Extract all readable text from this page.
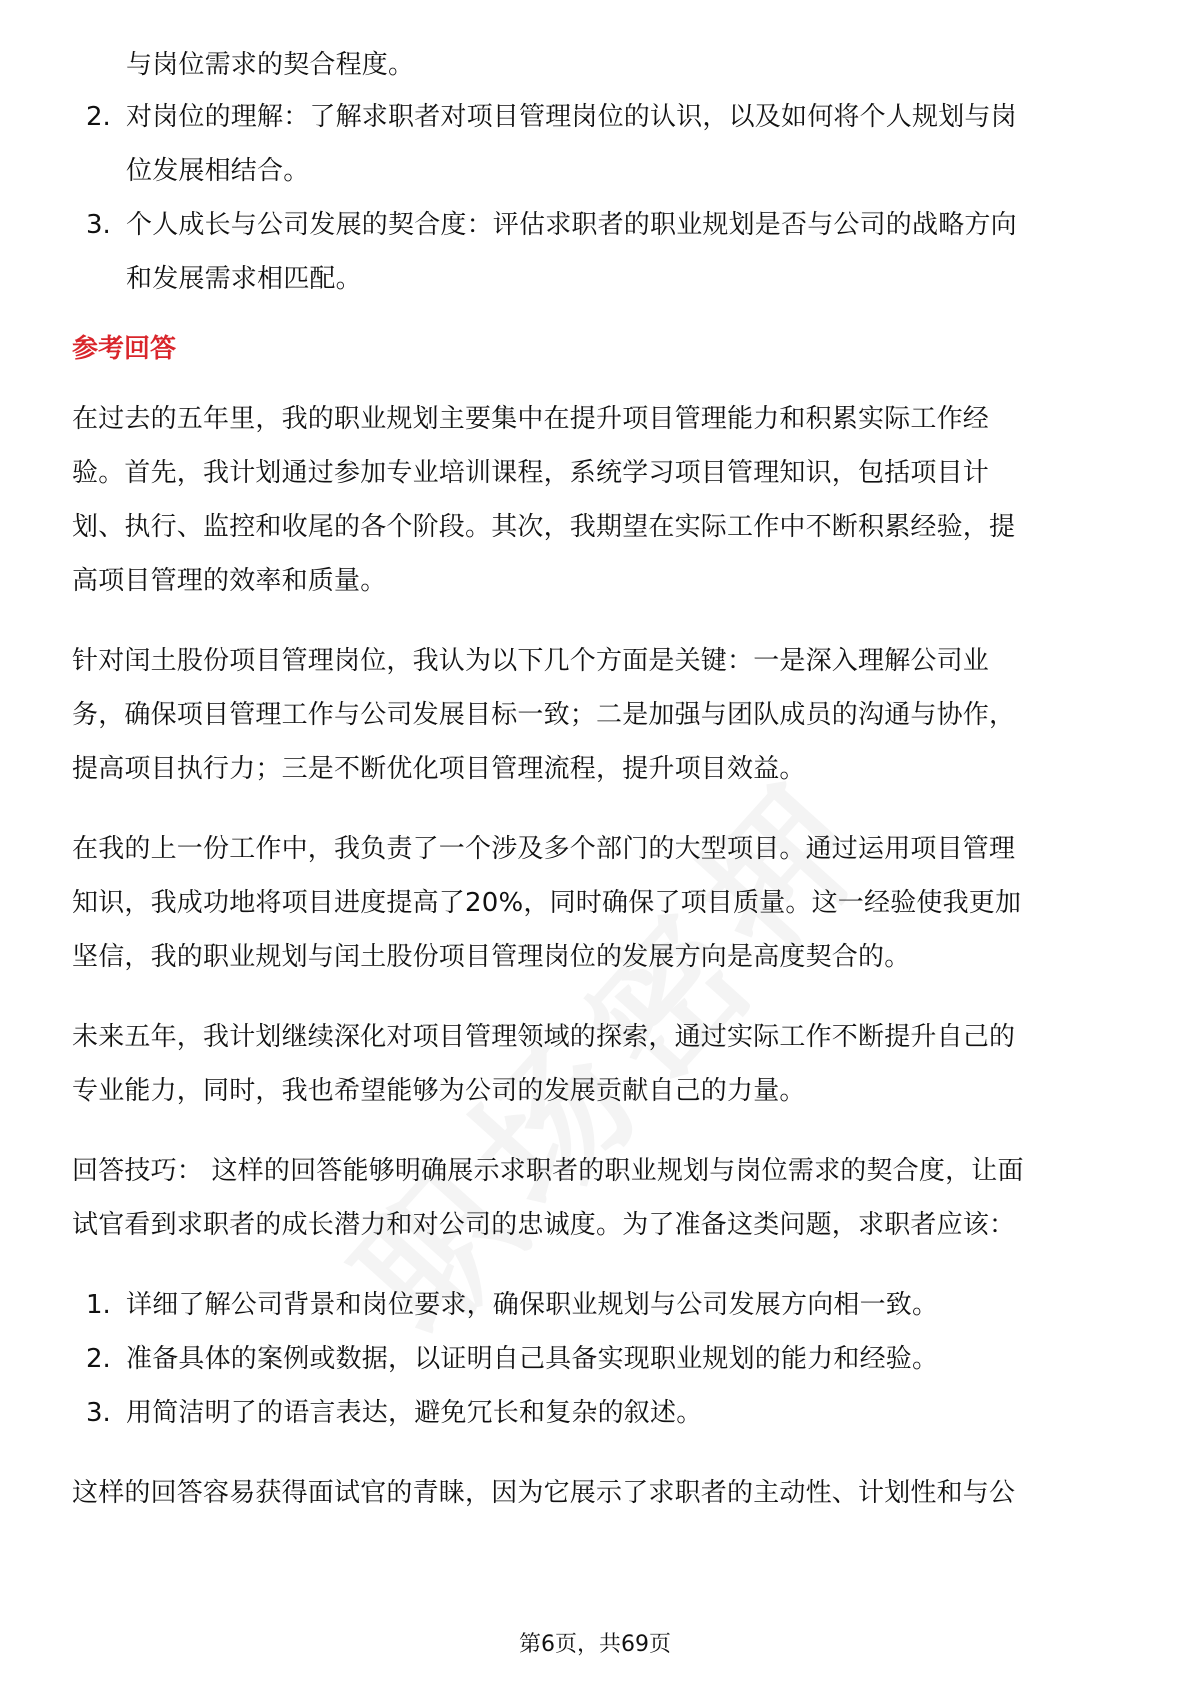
与岗位需求的契合程度。
2. 对岗位的理解：了解求职者对项目管理岗位的认识，以及如何将个人规划与岗
位发展相结合。
3. 个人成长与公司发展的契合度：评估求职者的职业规划是否与公司的战略方向
和发展需求相匹配。
参考回答
在过去的五年里，我的职业规划主要集中在提升项目管理能力和积累实际工作经
验。首先，我计划通过参加专业培训课程，系统学习项目管理知识，包括项目计
划、执行、监控和收尾的各个阶段。其次，我期望在实际工作中不断积累经验，提
高项目管理的效率和质量。
针对闰土股份项目管理岗位，我认为以下几个方面是关键：一是深入理解公司业
务，确保项目管理工作与公司发展目标一致；二是加强与团队成员的沟通与协作，
提高项目执行力；三是不断优化项目管理流程，提升项目效益。
在我的上一份工作中，我负责了一个涉及多个部门的大型项目。通过运用项目管理
知识，我成功地将项目进度提高了20%，同时确保了项目质量。这一经验使我更加
坚信，我的职业规划与闰土股份项目管理岗位的发展方向是高度契合的。
未来五年，我计划继续深化对项目管理领域的探索，通过实际工作不断提升自己的
专业能力，同时，我也希望能够为公司的发展贡献自己的力量。
回答技巧： 这样的回答能够明确展示求职者的职业规划与岗位需求的契合度，让面
试官看到求职者的成长潜力和对公司的忠诚度。为了准备这类问题，求职者应该：
1. 详细了解公司背景和岗位要求，确保职业规划与公司发展方向相一致。
2. 准备具体的案例或数据，以证明自己具备实现职业规划的能力和经验。
3. 用简洁明了的语言表达，避免冗长和复杂的叙述。
这样的回答容易获得面试官的青睐，因为它展示了求职者的主动性、计划性和与公
第6页，共69页
